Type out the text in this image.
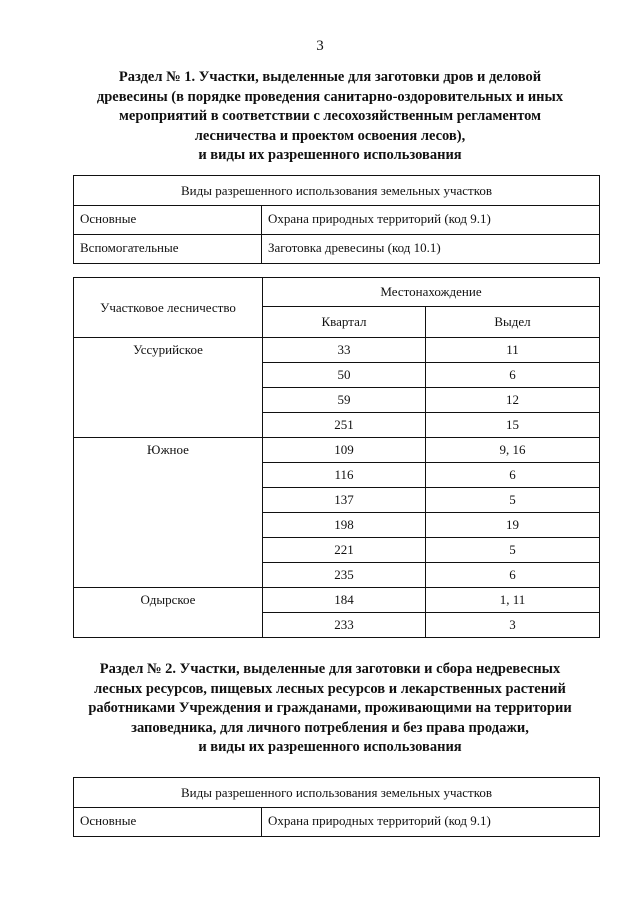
3
Раздел № 1. Участки, выделенные для заготовки дров и деловой
древесины (в порядке проведения санитарно-оздоровительных и иных
мероприятий в соответствии с лесохозяйственным регламентом
лесничества и проектом освоения лесов),
и виды их разрешенного использования
Виды разрешенного использования земельных участков	
Основные	Охрана природных территорий (код 9.1)
Вспомогательные	Заготовка древесины (код 10.1)
Участковое лесничество	Местонахождение	
	Квартал	Выдел
Уссурийское	33	11
	50	6
	59	12
	251	15
Южное	109	9, 16
	116	6
	137	5
	198	19
	221	5
	235	6
Одырское	184	1, 11
	233	3
Раздел № 2. Участки, выделенные для заготовки и сбора недревесных
лесных ресурсов, пищевых лесных ресурсов и лекарственных растений
работниками Учреждения и гражданами, проживающими на территории
заповедника, для личного потребления и без права продажи,
и виды их разрешенного использования
Виды разрешенного использования земельных участков
Основные	Охрана природных территорий (код 9.1)
